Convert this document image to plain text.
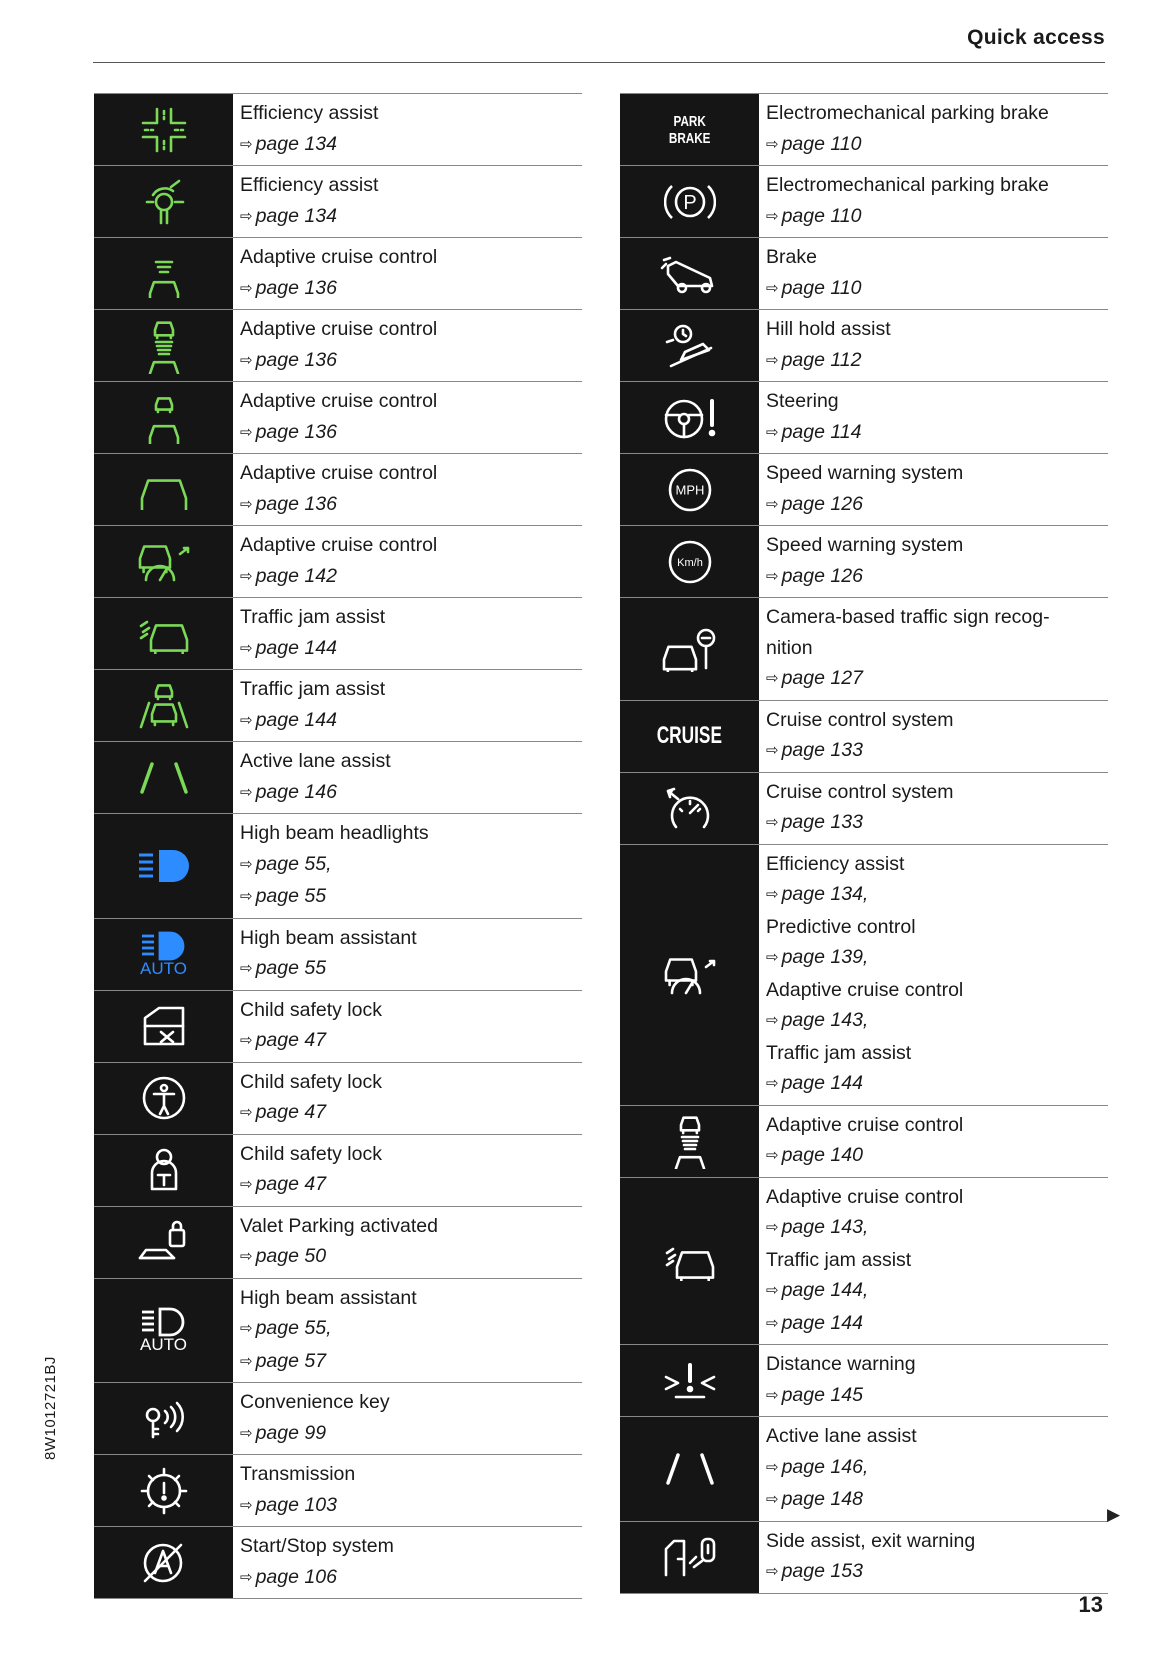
Quick access
Efficiency assist
⇨ page 134
Efficiency assist
⇨ page 134
Adaptive cruise control
⇨ page 136
Adaptive cruise control
⇨ page 136
Adaptive cruise control
⇨ page 136
Adaptive cruise control
⇨ page 136
Adaptive cruise control
⇨ page 142
Traffic jam assist
⇨ page 144
Traffic jam assist
⇨ page 144
Active lane assist
⇨ page 146
High beam headlights
⇨ page 55,
⇨ page 55
AUTO
High beam assistant
⇨ page 55
Child safety lock
⇨ page 47
Child safety lock
⇨ page 47
Child safety lock
⇨ page 47
Valet Parking activated
⇨ page 50
AUTO
High beam assistant
⇨ page 55,
⇨ page 57
Convenience key
⇨ page 99
Transmission
⇨ page 103
Start/Stop system
⇨ page 106
PARK
BRAKE
Electromechanical parking brake
⇨ page 110
P
Electromechanical parking brake
⇨ page 110
Brake
⇨ page 110
Hill hold assist
⇨ page 112
Steering
⇨ page 114
MPH
Speed warning system
⇨ page 126
Km/h
Speed warning system
⇨ page 126
Camera-based traffic sign recog-
nition
⇨ page 127
CRUISE
Cruise control system
⇨ page 133
Cruise control system
⇨ page 133
Efficiency assist
⇨ page 134,
Predictive control
⇨ page 139,
Adaptive cruise control
⇨ page 143,
Traffic jam assist
⇨ page 144
Adaptive cruise control
⇨ page 140
Adaptive cruise control
⇨ page 143,
Traffic jam assist
⇨ page 144,
⇨ page 144
Distance warning
⇨ page 145
Active lane assist
⇨ page 146,
⇨ page 148
Side assist, exit warning
⇨ page 153
8W1012721BJ
▶
13
